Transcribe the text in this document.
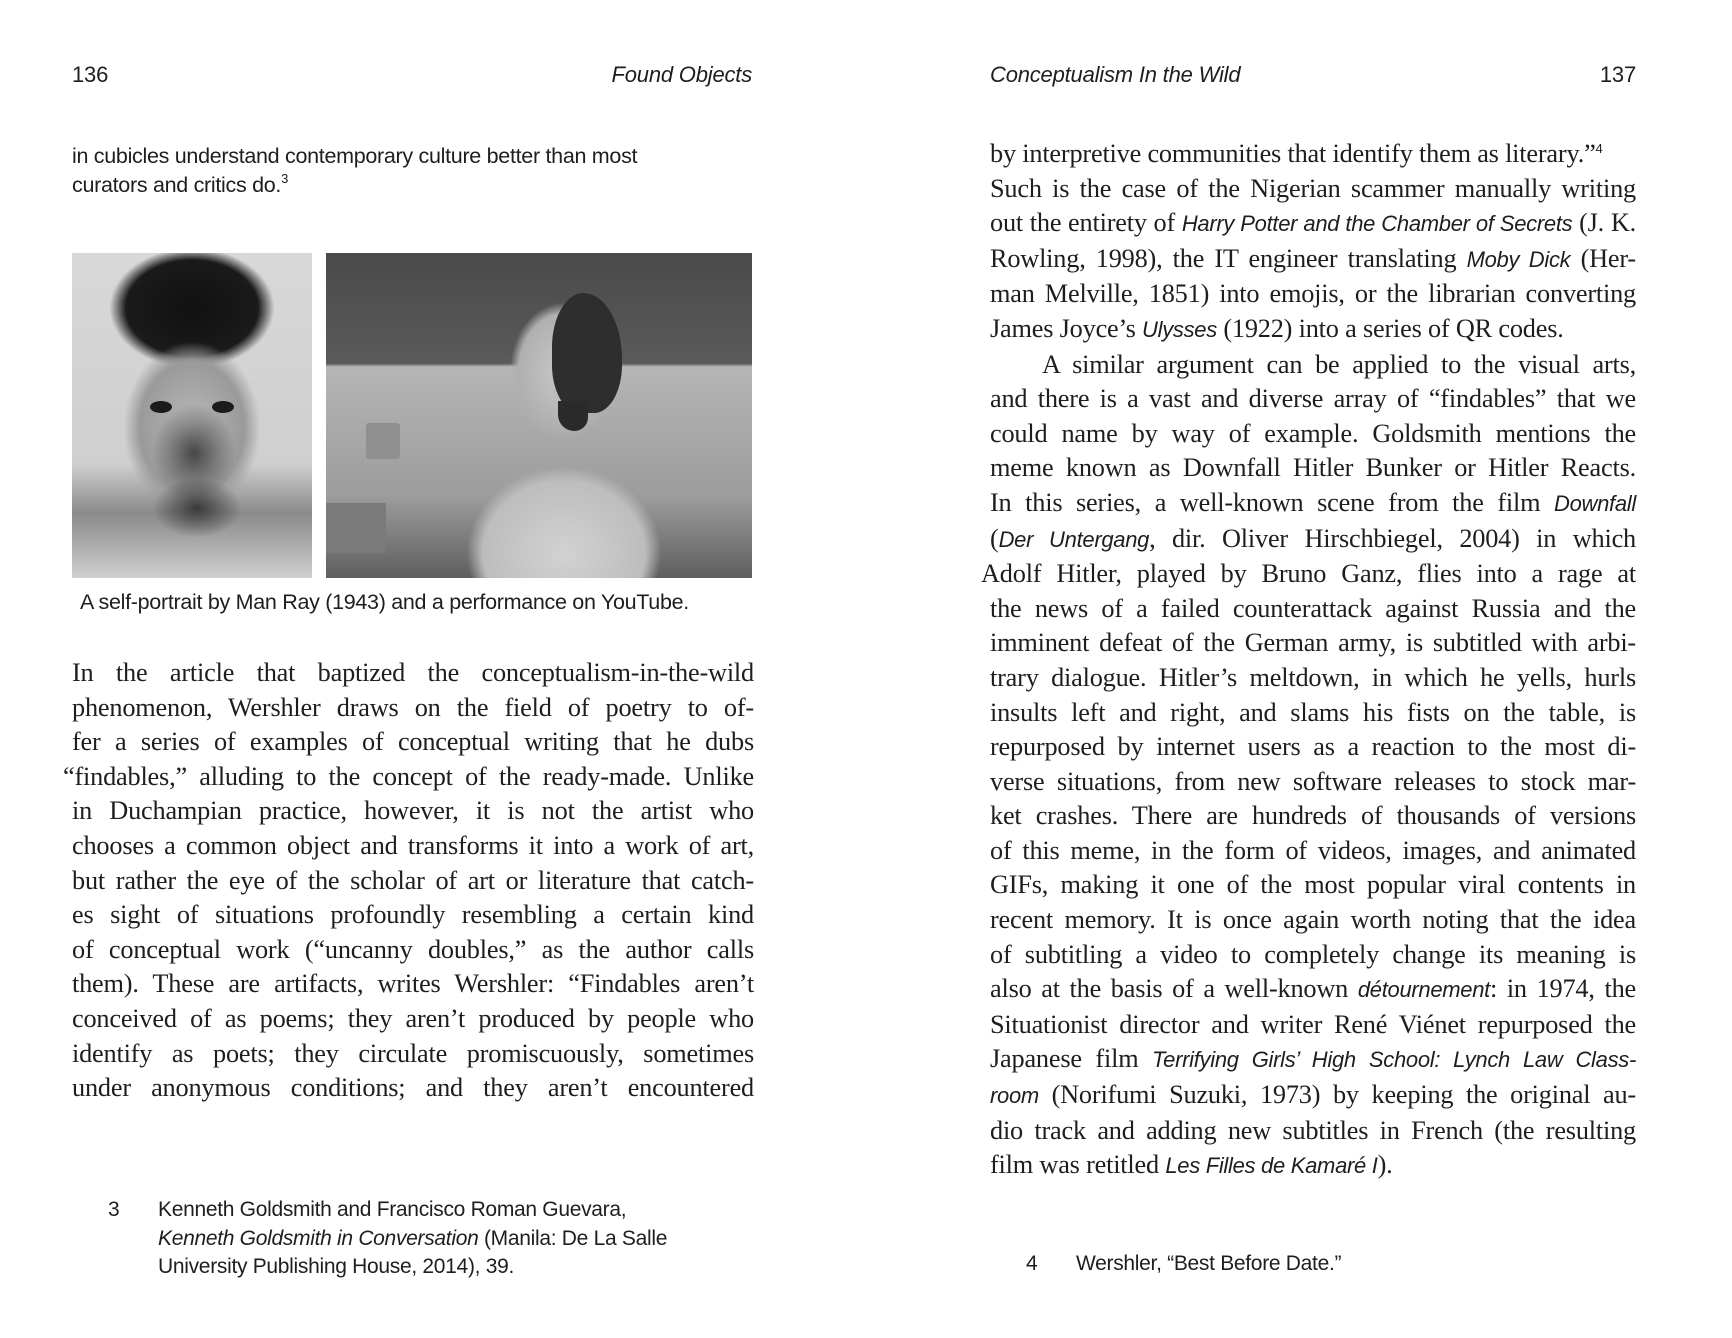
136	Found Objects
in cubicles understand contemporary culture better than most
curators and critics do.$^3$
A self-portrait by Man Ray (1943) and a performance on YouTube.
In the article that baptized the conceptualism-in-the-wild
phenomenon, Wershler draws on the field of poetry to of-
fer a series of examples of conceptual writing that he dubs
“findables,” alluding to the concept of the ready-made. Unlike
in Duchampian practice, however, it is not the artist who
chooses a common object and transforms it into a work of art,
but rather the eye of the scholar of art or literature that catch-
es sight of situations profoundly resembling a certain kind
of conceptual work (“uncanny doubles,” as the author calls
them). These are artifacts, writes Wershler: “Findables aren’t
conceived of as poems; they aren’t produced by people who
identify as poets; they circulate promiscuously, sometimes
under anonymous conditions; and they aren’t encountered
3 Kenneth Goldsmith and Francisco Roman Guevara,
Kenneth Goldsmith in Conversation (Manila: De La Salle
University Publishing House, 2014), 39.
Conceptualism In the Wild	137
by interpretive communities that identify them as literary.”$^4$
Such is the case of the Nigerian scammer manually writing
out the entirety of Harry Potter and the Chamber of Secrets (J. K.
Rowling, 1998), the IT engineer translating Moby Dick (Her-
man Melville, 1851) into emojis, or the librarian converting
James Joyce’s Ulysses (1922) into a series of QR codes.
A similar argument can be applied to the visual arts,
and there is a vast and diverse array of “findables” that we
could name by way of example. Goldsmith mentions the
meme known as Downfall Hitler Bunker or Hitler Reacts.
In this series, a well-known scene from the film Downfall
(Der Untergang, dir. Oliver Hirschbiegel, 2004) in which
Adolf Hitler, played by Bruno Ganz, flies into a rage at
the news of a failed counterattack against Russia and the
imminent defeat of the German army, is subtitled with arbi-
trary dialogue. Hitler’s meltdown, in which he yells, hurls
insults left and right, and slams his fists on the table, is
repurposed by internet users as a reaction to the most di-
verse situations, from new software releases to stock mar-
ket crashes. There are hundreds of thousands of versions
of this meme, in the form of videos, images, and animated
GIFs, making it one of the most popular viral contents in
recent memory. It is once again worth noting that the idea
of subtitling a video to completely change its meaning is
also at the basis of a well-known détournement: in 1974, the
Situationist director and writer René Viénet repurposed the
Japanese film Terrifying Girls’ High School: Lynch Law Class-
room (Norifumi Suzuki, 1973) by keeping the original au-
dio track and adding new subtitles in French (the resulting
film was retitled Les Filles de Kamaré I).
4 Wershler, “Best Before Date.”
